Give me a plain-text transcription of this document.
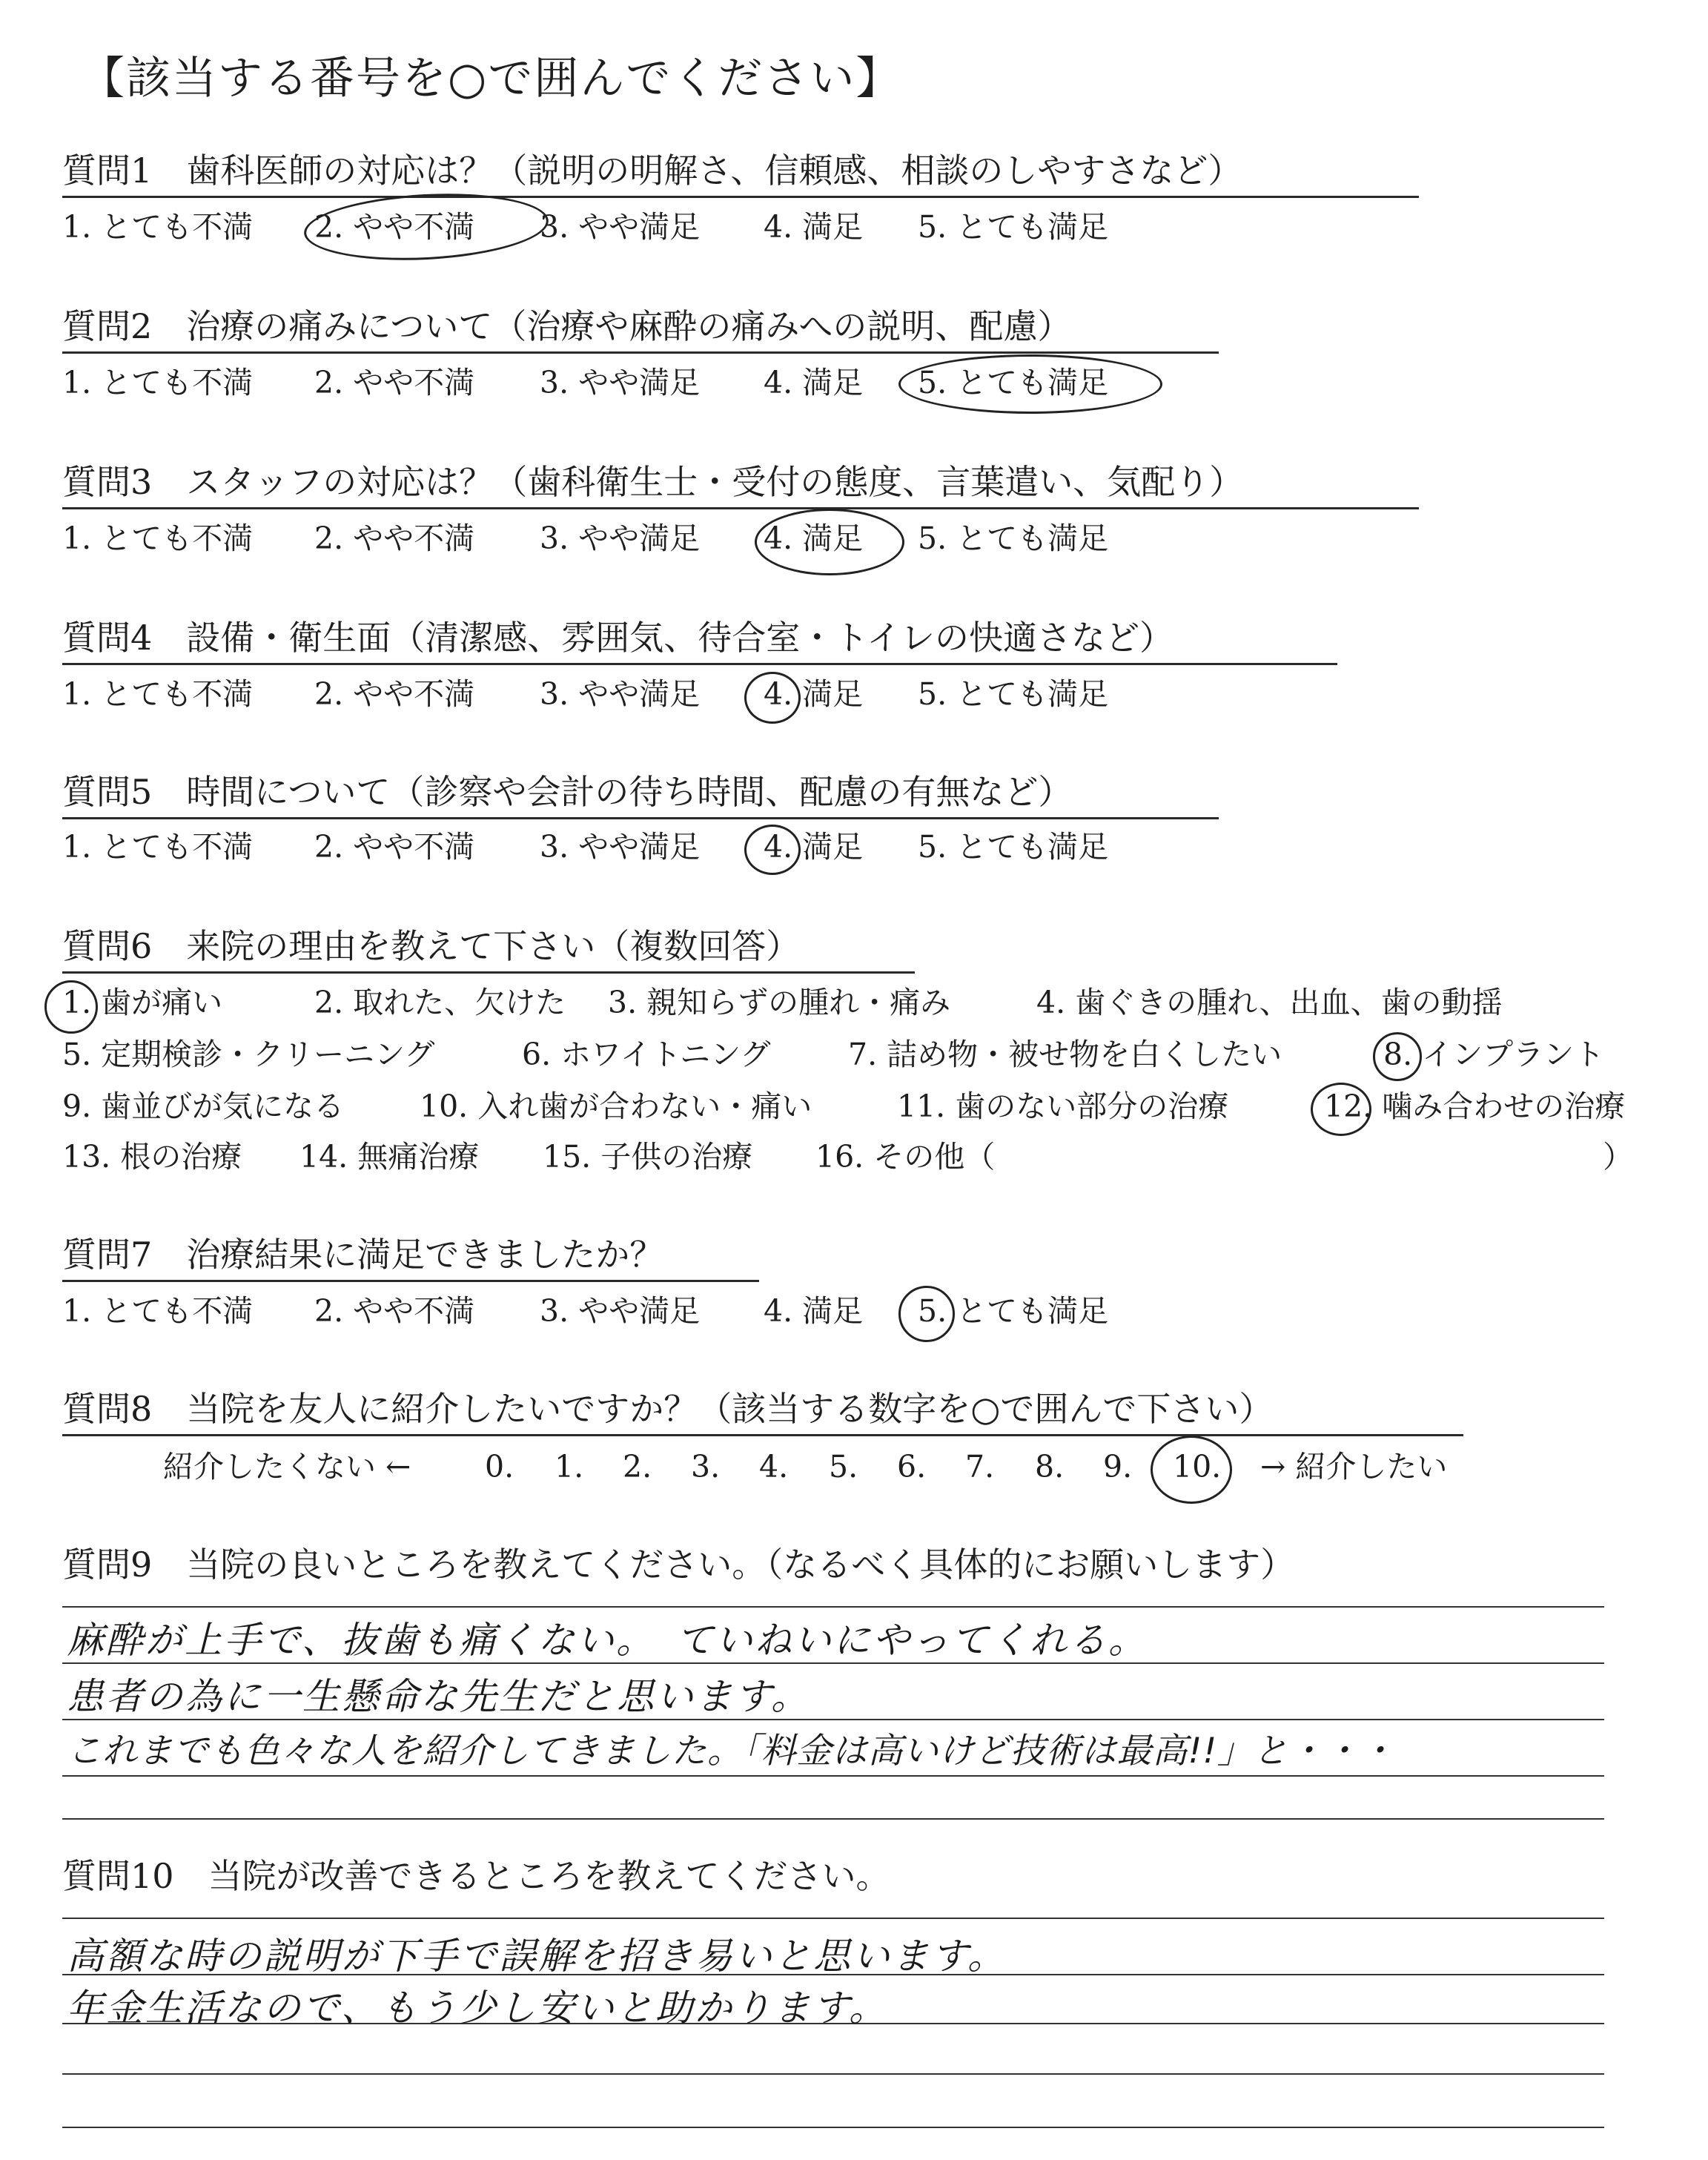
【該当する番号を○で囲んでください】
質問1　歯科医師の対応は？（説明の明解さ、信頼感、相談のしやすさなど）
1. とても不満 2. やや不満 3. やや満足 4. 満足 5. とても満足
質問2　治療の痛みについて（治療や麻酔の痛みへの説明、配慮）
1. とても不満 2. やや不満 3. やや満足 4. 満足 5. とても満足
質問3　スタッフの対応は？（歯科衛生士・受付の態度、言葉遣い、気配り）
1. とても不満 2. やや不満 3. やや満足 4. 満足 5. とても満足
質問4　設備・衛生面（清潔感、雰囲気、待合室・トイレの快適さなど）
1. とても不満 2. やや不満 3. やや満足 4. 満足 5. とても満足
質問5　時間について（診察や会計の待ち時間、配慮の有無など）
1. とても不満 2. やや不満 3. やや満足 4. 満足 5. とても満足
質問6　来院の理由を教えて下さい（複数回答）
1. 歯が痛い	2. 取れた、欠けた 3. 親知らずの腫れ・痛み	4. 歯ぐきの腫れ、出血、歯の動揺
5. 定期検診・クリーニング	6. ホワイトニング	7. 詰め物・被せ物を白くしたい	8. インプラント
9. 歯並びが気になる 10. 入れ歯が合わない・痛い	11. 歯のない部分の治療	12. 噛み合わせの治療
13. 根の治療 14. 無痛治療 15. 子供の治療 16. その他（	）
質問7　治療結果に満足できましたか？
1. とても不満 2. やや不満 3. やや満足 4. 満足 5. とても満足
質問8　当院を友人に紹介したいですか？（該当する数字を○で囲んで下さい）
紹介したくない ← 0. 1. 2. 3. 4. 5. 6. 7. 8. 9. 10. → 紹介したい
質問9　当院の良いところを教えてください。（なるべく具体的にお願いします）
麻酔が上手で、抜歯も痛くない。　ていねいにやってくれる。
患者の為に一生懸命な先生だと思います。
これまでも色々な人を紹介してきました。「料金は高いけど技術は最高!!」と・・・
質問10　当院が改善できるところを教えてください。
高額な時の説明が下手で誤解を招き易いと思います。
年金生活なので、もう少し安いと助かります。
